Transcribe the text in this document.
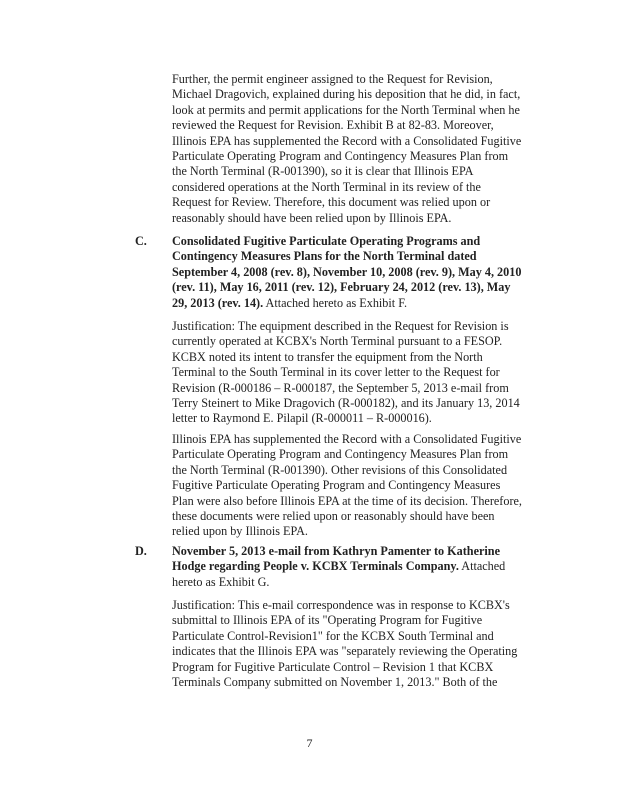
Further, the permit engineer assigned to the Request for Revision, Michael Dragovich, explained during his deposition that he did, in fact, look at permits and permit applications for the North Terminal when he reviewed the Request for Revision. Exhibit B at 82-83. Moreover, Illinois EPA has supplemented the Record with a Consolidated Fugitive Particulate Operating Program and Contingency Measures Plan from the North Terminal (R-001390), so it is clear that Illinois EPA considered operations at the North Terminal in its review of the Request for Review. Therefore, this document was relied upon or reasonably should have been relied upon by Illinois EPA.

C. Consolidated Fugitive Particulate Operating Programs and Contingency Measures Plans for the North Terminal dated September 4, 2008 (rev. 8), November 10, 2008 (rev. 9), May 4, 2010 (rev. 11), May 16, 2011 (rev. 12), February 24, 2012 (rev. 13), May 29, 2013 (rev. 14). Attached hereto as Exhibit F.

Justification: The equipment described in the Request for Revision is currently operated at KCBX's North Terminal pursuant to a FESOP. KCBX noted its intent to transfer the equipment from the North Terminal to the South Terminal in its cover letter to the Request for Revision (R-000186 – R-000187, the September 5, 2013 e-mail from Terry Steinert to Mike Dragovich (R-000182), and its January 13, 2014 letter to Raymond E. Pilapil (R-000011 – R-000016).

Illinois EPA has supplemented the Record with a Consolidated Fugitive Particulate Operating Program and Contingency Measures Plan from the North Terminal (R-001390). Other revisions of this Consolidated Fugitive Particulate Operating Program and Contingency Measures Plan were also before Illinois EPA at the time of its decision. Therefore, these documents were relied upon or reasonably should have been relied upon by Illinois EPA.

D. November 5, 2013 e-mail from Kathryn Pamenter to Katherine Hodge regarding People v. KCBX Terminals Company. Attached hereto as Exhibit G.

Justification: This e-mail correspondence was in response to KCBX's submittal to Illinois EPA of its "Operating Program for Fugitive Particulate Control-Revision1" for the KCBX South Terminal and indicates that the Illinois EPA was "separately reviewing the Operating Program for Fugitive Particulate Control – Revision 1 that KCBX Terminals Company submitted on November 1, 2013." Both of the

7
